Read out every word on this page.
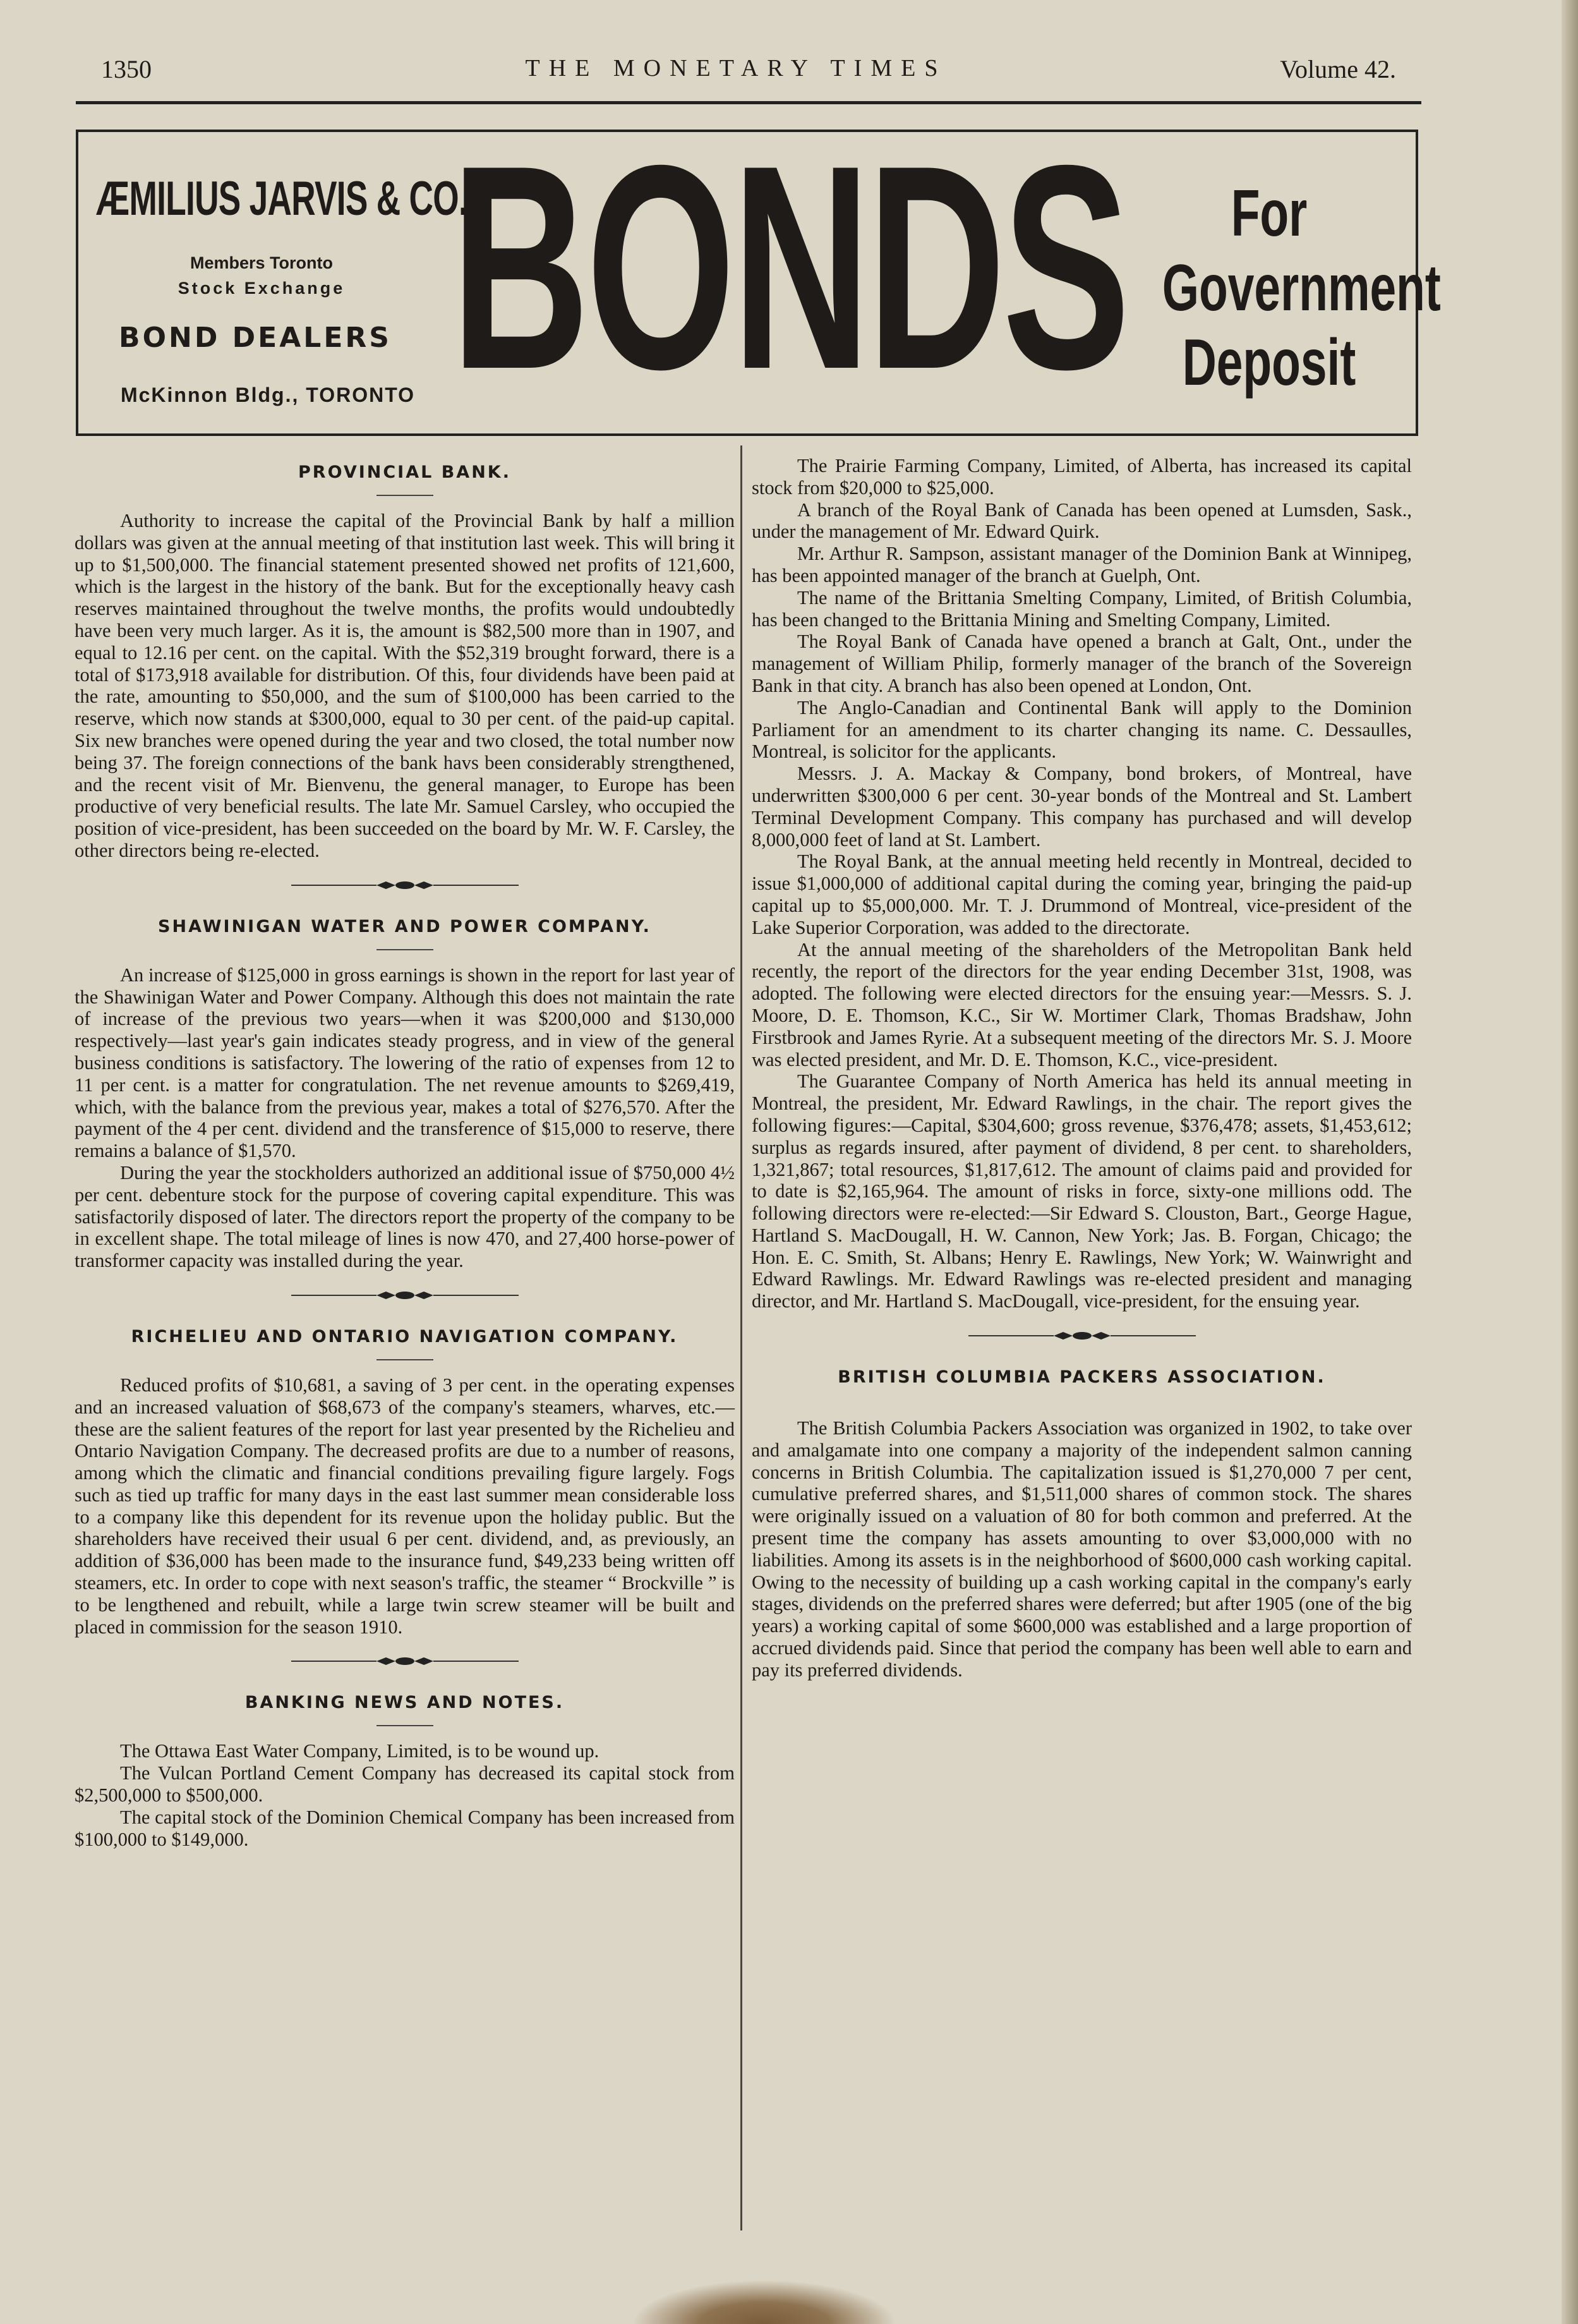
1350	THE MONETARY TIMES	Volume 42.
ÆMILIUS JARVIS & CO.
Members Toronto
Stock Exchange
BOND DEALERS
McKinnon Bldg., TORONTO BONDS	For
Government
Deposit
PROVINCIAL BANK.

Authority to increase the capital of the Provincial Bank by half a million dollars was given at the annual meeting of that institution last week. This will bring it up to $1,500,000. The financial statement presented showed net profits of 121,600, which is the largest in the history of the bank. But for the exceptionally heavy cash reserves maintained throughout the twelve months, the profits would undoubtedly have been very much larger. As it is, the amount is $82,500 more than in 1907, and equal to 12.16 per cent. on the capital. With the $52,319 brought forward, there is a total of $173,918 available for distribution. Of this, four dividends have been paid at the rate, amounting to $50,000, and the sum of $100,000 has been carried to the reserve, which now stands at $300,000, equal to 30 per cent. of the paid-up capital. Six new branches were opened during the year and two closed, the total number now being 37. The foreign connections of the bank havs been considerably strengthened, and the recent visit of Mr. Bienvenu, the general manager, to Europe has been productive of very beneficial results. The late Mr. Samuel Carsley, who occupied the position of vice-president, has been succeeded on the board by Mr. W. F. Carsley, the other directors being re-elected.

SHAWINIGAN WATER AND POWER COMPANY.

An increase of $125,000 in gross earnings is shown in the report for last year of the Shawinigan Water and Power Company. Although this does not maintain the rate of increase of the previous two years—when it was $200,000 and $130,000 respectively—last year's gain indicates steady progress, and in view of the general business conditions is satisfactory. The lowering of the ratio of expenses from 12 to 11 per cent. is a matter for congratulation. The net revenue amounts to $269,419, which, with the balance from the previous year, makes a total of $276,570. After the payment of the 4 per cent. dividend and the transference of $15,000 to reserve, there remains a balance of $1,570.

During the year the stockholders authorized an additional issue of $750,000 4½ per cent. debenture stock for the purpose of covering capital expenditure. This was satisfactorily disposed of later. The directors report the property of the company to be in excellent shape. The total mileage of lines is now 470, and 27,400 horse-power of transformer capacity was installed during the year.

RICHELIEU AND ONTARIO NAVIGATION COMPANY.

Reduced profits of $10,681, a saving of 3 per cent. in the operating expenses and an increased valuation of $68,673 of the company's steamers, wharves, etc.—these are the salient features of the report for last year presented by the Richelieu and Ontario Navigation Company. The decreased profits are due to a number of reasons, among which the climatic and financial conditions prevailing figure largely. Fogs such as tied up traffic for many days in the east last summer mean considerable loss to a company like this dependent for its revenue upon the holiday public. But the shareholders have received their usual 6 per cent. dividend, and, as previously, an addition of $36,000 has been made to the insurance fund, $49,233 being written off steamers, etc. In order to cope with next season's traffic, the steamer “ Brockville ” is to be lengthened and rebuilt, while a large twin screw steamer will be built and placed in commission for the season 1910.

BANKING NEWS AND NOTES.

The Ottawa East Water Company, Limited, is to be wound up.

The Vulcan Portland Cement Company has decreased its capital stock from $2,500,000 to $500,000.

The capital stock of the Dominion Chemical Company has been increased from $100,000 to $149,000.

The Prairie Farming Company, Limited, of Alberta, has increased its capital stock from $20,000 to $25,000.

A branch of the Royal Bank of Canada has been opened at Lumsden, Sask., under the management of Mr. Edward Quirk.

Mr. Arthur R. Sampson, assistant manager of the Dominion Bank at Winnipeg, has been appointed manager of the branch at Guelph, Ont.

The name of the Brittania Smelting Company, Limited, of British Columbia, has been changed to the Brittania Mining and Smelting Company, Limited.

The Royal Bank of Canada have opened a branch at Galt, Ont., under the management of William Philip, formerly manager of the branch of the Sovereign Bank in that city. A branch has also been opened at London, Ont.

The Anglo-Canadian and Continental Bank will apply to the Dominion Parliament for an amendment to its charter changing its name. C. Dessaulles, Montreal, is solicitor for the applicants.

Messrs. J. A. Mackay & Company, bond brokers, of Montreal, have underwritten $300,000 6 per cent. 30-year bonds of the Montreal and St. Lambert Terminal Development Company. This company has purchased and will develop 8,000,000 feet of land at St. Lambert.

The Royal Bank, at the annual meeting held recently in Montreal, decided to issue $1,000,000 of additional capital during the coming year, bringing the paid-up capital up to $5,000,000. Mr. T. J. Drummond of Montreal, vice-president of the Lake Superior Corporation, was added to the directorate.

At the annual meeting of the shareholders of the Metropolitan Bank held recently, the report of the directors for the year ending December 31st, 1908, was adopted. The following were elected directors for the ensuing year:—Messrs. S. J. Moore, D. E. Thomson, K.C., Sir W. Mortimer Clark, Thomas Bradshaw, John Firstbrook and James Ryrie. At a subsequent meeting of the directors Mr. S. J. Moore was elected president, and Mr. D. E. Thomson, K.C., vice-president.

The Guarantee Company of North America has held its annual meeting in Montreal, the president, Mr. Edward Rawlings, in the chair. The report gives the following figures:—Capital, $304,600; gross revenue, $376,478; assets, $1,453,612; surplus as regards insured, after payment of dividend, 8 per cent. to shareholders, 1,321,867; total resources, $1,817,612. The amount of claims paid and provided for to date is $2,165,964. The amount of risks in force, sixty-one millions odd. The following directors were re-elected:—Sir Edward S. Clouston, Bart., George Hague, Hartland S. MacDougall, H. W. Cannon, New York; Jas. B. Forgan, Chicago; the Hon. E. C. Smith, St. Albans; Henry E. Rawlings, New York; W. Wainwright and Edward Rawlings. Mr. Edward Rawlings was re-elected president and managing director, and Mr. Hartland S. MacDougall, vice-president, for the ensuing year.

BRITISH COLUMBIA PACKERS ASSOCIATION.

The British Columbia Packers Association was organized in 1902, to take over and amalgamate into one company a majority of the independent salmon canning concerns in British Columbia. The capitalization issued is $1,270,000 7 per cent, cumulative preferred shares, and $1,511,000 shares of common stock. The shares were originally issued on a valuation of 80 for both common and preferred. At the present time the company has assets amounting to over $3,000,000 with no liabilities. Among its assets is in the neighborhood of $600,000 cash working capital. Owing to the necessity of building up a cash working capital in the company's early stages, dividends on the preferred shares were deferred; but after 1905 (one of the big years) a working capital of some $600,000 was established and a large proportion of accrued dividends paid. Since that period the company has been well able to earn and pay its preferred dividends.
